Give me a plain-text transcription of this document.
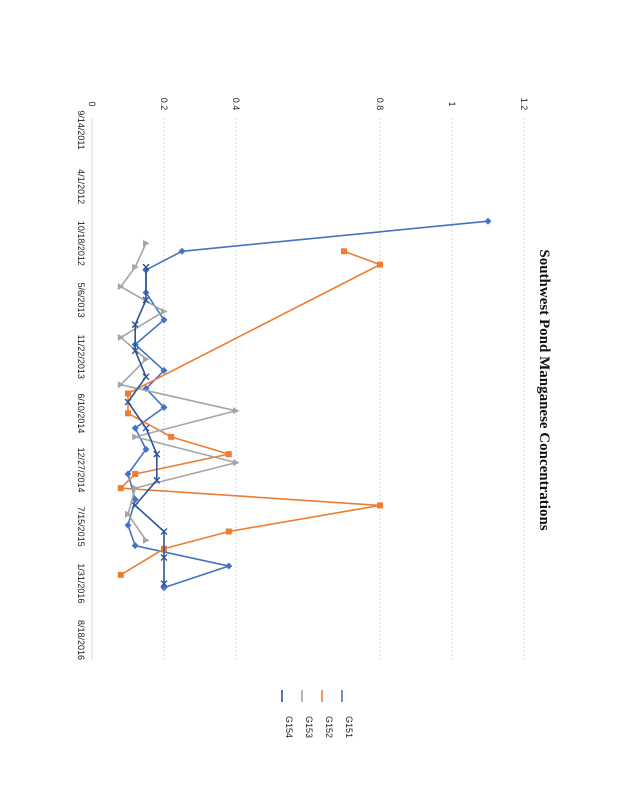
0	0.2	0.4	0.8	1	1.2
9/14/2011
4/1/2012
10/18/2012
5/6/2013
11/22/2013
6/10/2014
12/27/2014
7/15/2015
1/31/2016
8/18/2016
G151
G152
G153
G154
Southwest Pond Manganese Concentrations
